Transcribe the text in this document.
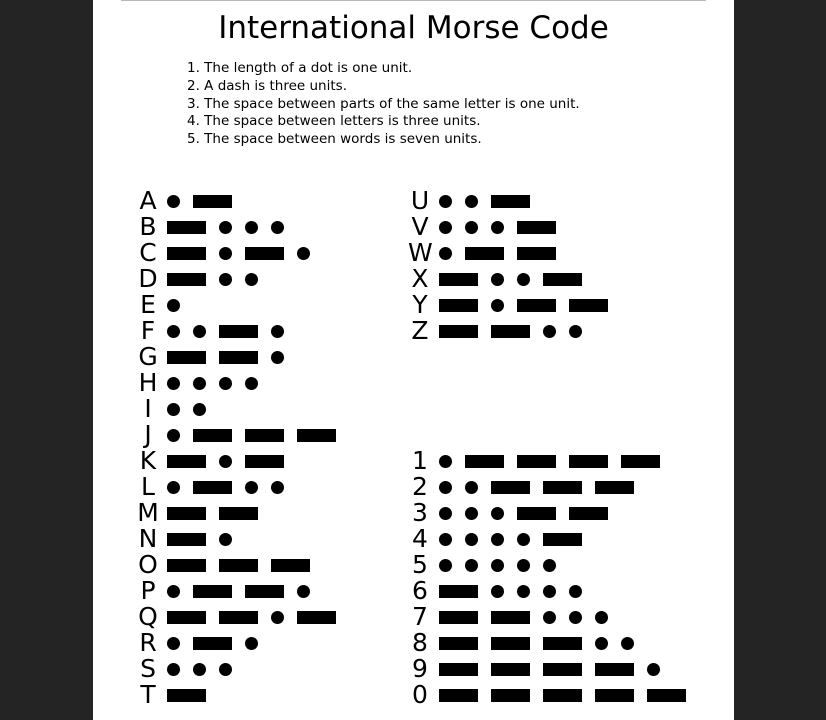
International Morse Code
1. The length of a dot is one unit.
2. A dash is three units.
3. The space between parts of the same letter is one unit.
4. The space between letters is three units.
5. The space between words is seven units.
A
B
C
D
E
F
G
H
I
J
K
L
M
N
O
P
Q
R
S
T
U
V
W
X
Y
Z
1
2
3
4
5
6
7
8
9
0
